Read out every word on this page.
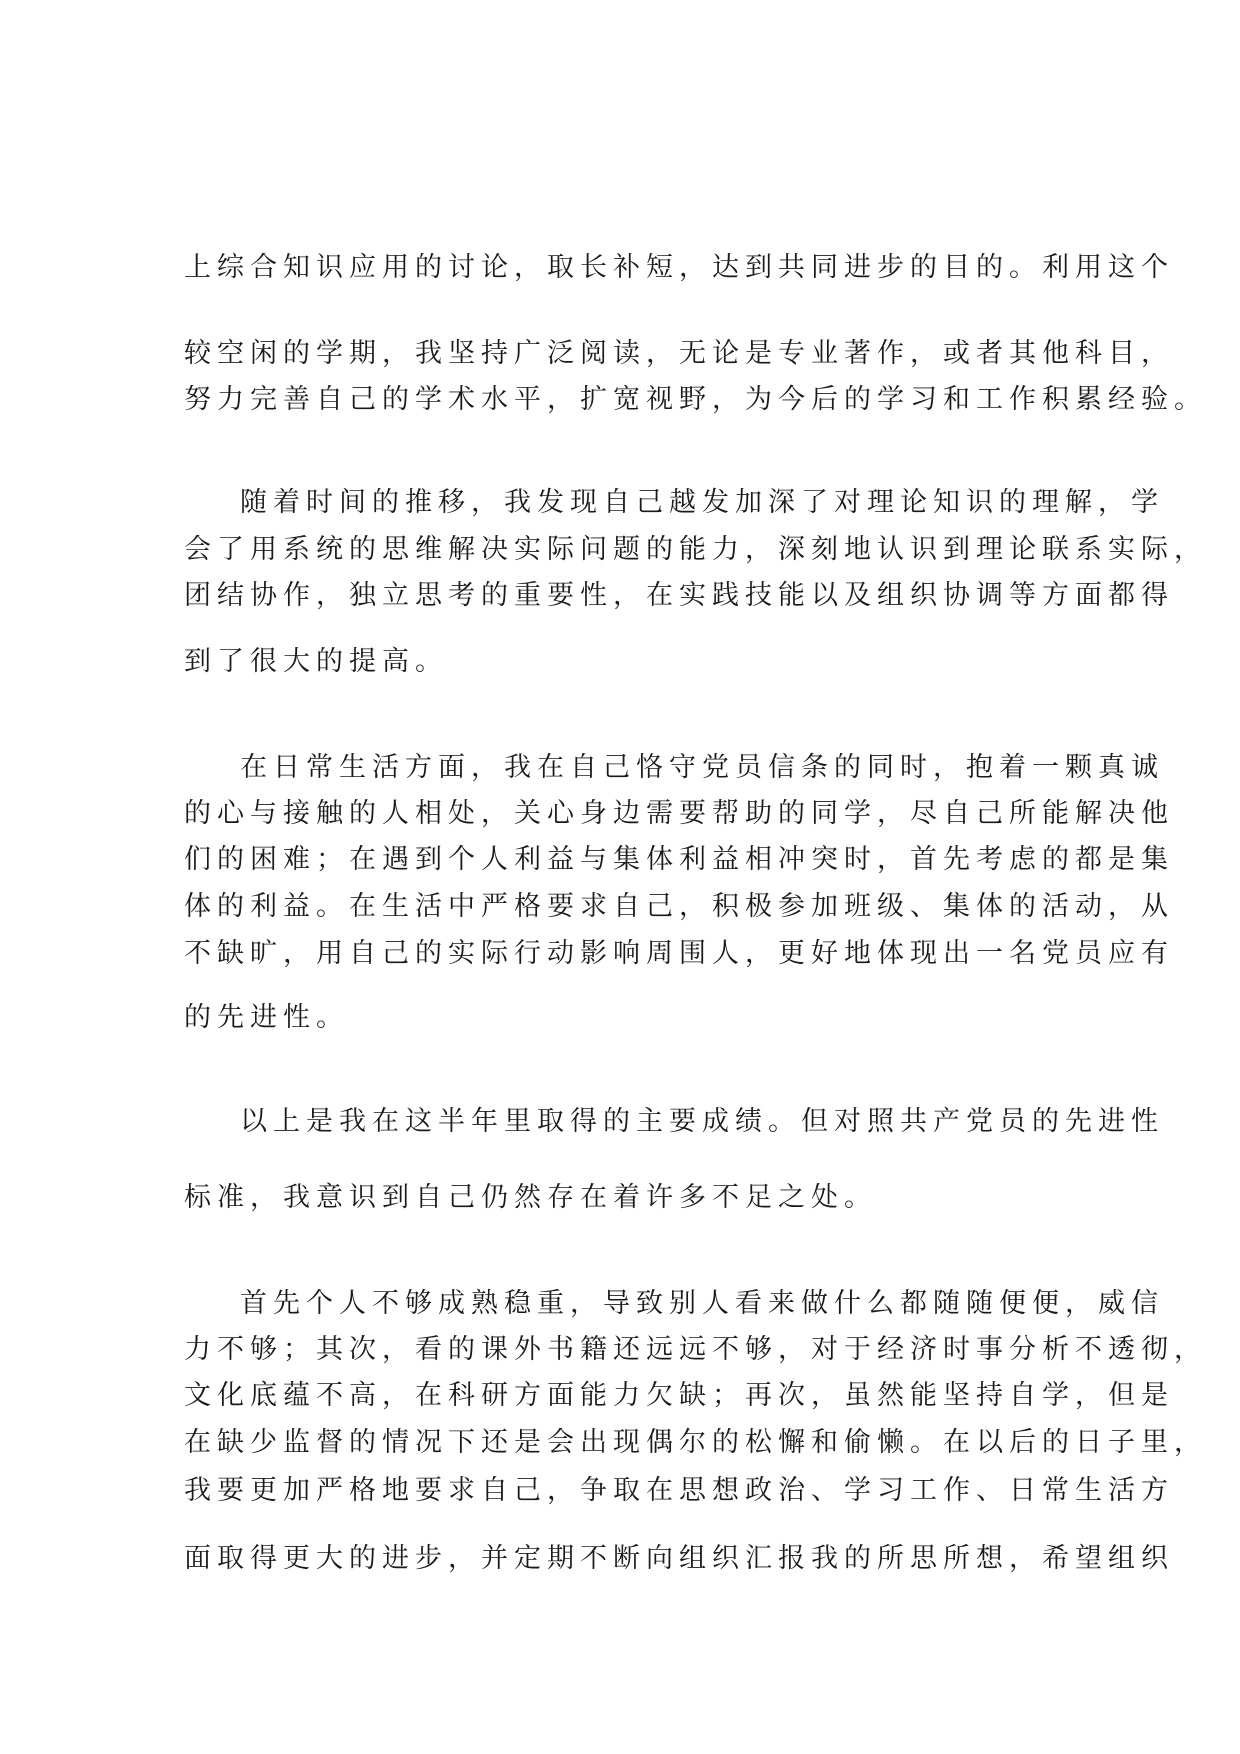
上综合知识应用的讨论，取长补短，达到共同进步的目的。利用这个
较空闲的学期，我坚持广泛阅读，无论是专业著作，或者其他科目，
努力完善自己的学术水平，扩宽视野，为今后的学习和工作积累经验。
随着时间的推移，我发现自己越发加深了对理论知识的理解，学
会了用系统的思维解决实际问题的能力，深刻地认识到理论联系实际，
团结协作，独立思考的重要性，在实践技能以及组织协调等方面都得
到了很大的提高。
在日常生活方面，我在自己恪守党员信条的同时，抱着一颗真诚
的心与接触的人相处，关心身边需要帮助的同学，尽自己所能解决他
们的困难；在遇到个人利益与集体利益相冲突时，首先考虑的都是集
体的利益。在生活中严格要求自己，积极参加班级、集体的活动，从
不缺旷，用自己的实际行动影响周围人，更好地体现出一名党员应有
的先进性。
以上是我在这半年里取得的主要成绩。但对照共产党员的先进性
标准，我意识到自己仍然存在着许多不足之处。
首先个人不够成熟稳重，导致别人看来做什么都随随便便，威信
力不够；其次，看的课外书籍还远远不够，对于经济时事分析不透彻，
文化底蕴不高，在科研方面能力欠缺；再次，虽然能坚持自学，但是
在缺少监督的情况下还是会出现偶尔的松懈和偷懒。在以后的日子里，
我要更加严格地要求自己，争取在思想政治、学习工作、日常生活方
面取得更大的进步，并定期不断向组织汇报我的所思所想，希望组织
